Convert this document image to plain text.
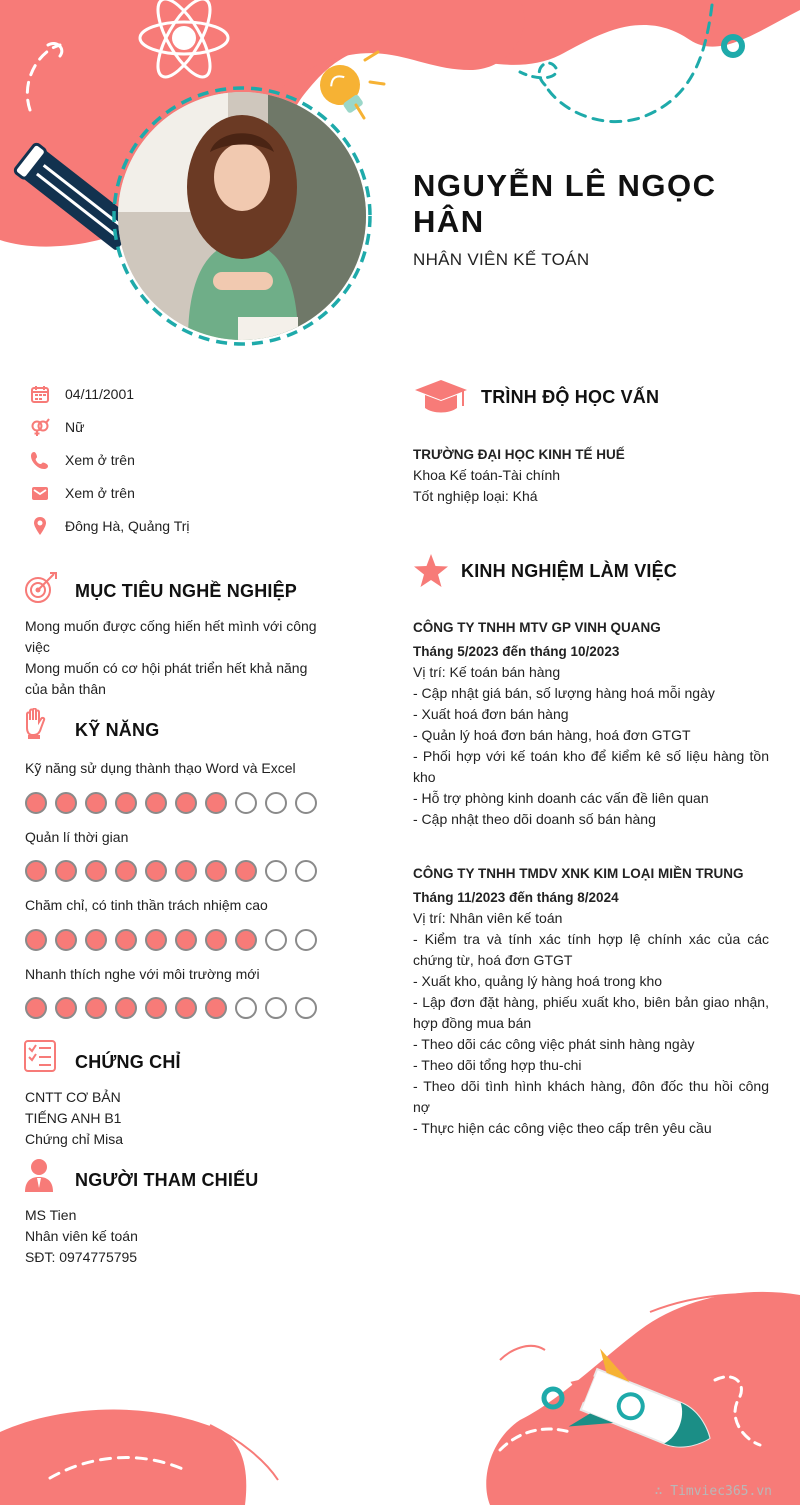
NGUYỄN LÊ NGỌC HÂN
NHÂN VIÊN KẾ TOÁN
04/11/2001
Nữ
Xem ở trên
Xem ở trên
Đông Hà, Quảng Trị
MỤC TIÊU NGHỀ NGHIỆP
Mong muốn được cống hiến hết mình với công việc
Mong muốn có cơ hội phát triển hết khả năng của bản thân
KỸ NĂNG
Kỹ năng sử dụng thành thạo Word và Excel
Quản lí thời gian
Chăm chỉ, có tinh thần trách nhiệm cao
Nhanh thích nghe với môi trường mới
CHỨNG CHỈ
CNTT CƠ BẢN
TIẾNG ANH B1
Chứng chỉ Misa
NGƯỜI THAM CHIẾU
MS Tien
Nhân viên kế toán
SĐT: 0974775795
TRÌNH ĐỘ HỌC VẤN
TRƯỜNG ĐẠI HỌC KINH TẾ HUẾ
Khoa Kế toán-Tài chính
Tốt nghiệp loại: Khá
KINH NGHIỆM LÀM VIỆC
CÔNG TY TNHH MTV GP VINH QUANG
Tháng 5/2023 đến tháng 10/2023
Vị trí: Kế toán bán hàng
- Cập nhật giá bán, số lượng hàng hoá mỗi ngày
- Xuất hoá đơn bán hàng
- Quản lý hoá đơn bán hàng, hoá đơn GTGT
- Phối hợp với kế toán kho để kiểm kê số liệu hàng tồn kho
- Hỗ trợ phòng kinh doanh các vấn đề liên quan
- Cập nhật theo dõi doanh số bán hàng
CÔNG TY TNHH TMDV XNK KIM LOẠI MIỀN TRUNG
Tháng 11/2023 đến tháng 8/2024
Vị trí: Nhân viên kế toán
- Kiểm tra và tính xác tính hợp lệ chính xác của các chứng từ, hoá đơn GTGT
- Xuất kho, quảng lý hàng hoá trong kho
- Lập đơn đặt hàng, phiếu xuất kho, biên bản giao nhận, hợp đồng mua bán
- Theo dõi các công việc phát sinh hàng ngày
- Theo dõi tổng hợp thu-chi
- Theo dõi tình hình khách hàng, đôn đốc thu hồi công nợ
- Thực hiện các công việc theo cấp trên yêu cầu
∴ Timviec365.vn
